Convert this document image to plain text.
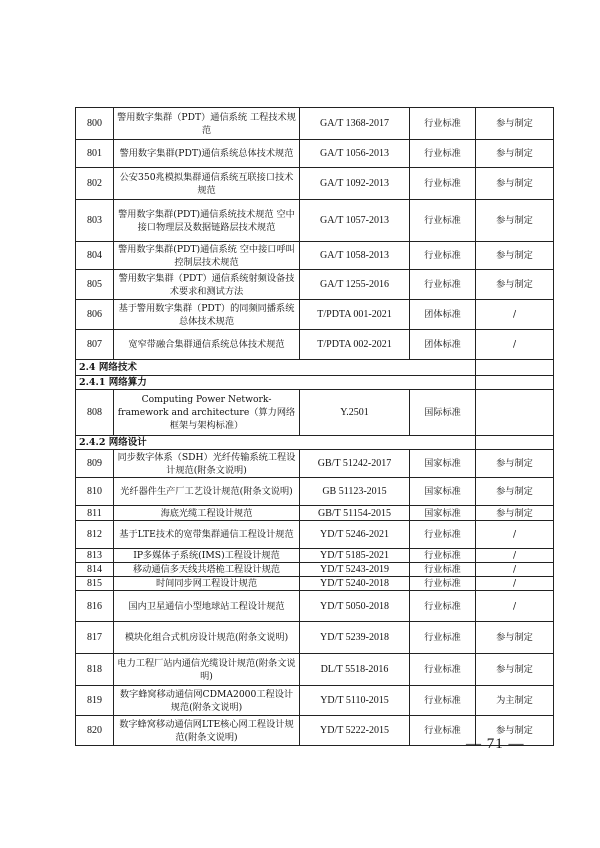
800	警用数字集群（PDT）通信系统 工程技术规范	GA/T 1368-2017	行业标准	参与制定
801	警用数字集群(PDT)通信系统总体技术规范	GA/T 1056-2013	行业标准	参与制定
802	公安350兆模拟集群通信系统互联接口技术规范	GA/T 1092-2013	行业标准	参与制定
803	警用数字集群(PDT)通信系统技术规范 空中接口物理层及数据链路层技术规范	GA/T 1057-2013	行业标准	参与制定
804	警用数字集群(PDT)通信系统 空中接口呼叫控制层技术规范	GA/T 1058-2013	行业标准	参与制定
805	警用数字集群（PDT）通信系统射频设备技术要求和测试方法	GA/T 1255-2016	行业标准	参与制定
806	基于警用数字集群（PDT）的同频同播系统总体技术规范	T/PDTA 001-2021	团体标准	/
807	宽窄带融合集群通信系统总体技术规范	T/PDTA 002-2021	团体标准	/
2.4 网络技术				
2.4.1 网络算力				
808	Computing Power Network- framework and architecture（算力网络框架与架构标准）	Y.2501	国际标准	
2.4.2 网络设计				
809	同步数字体系（SDH）光纤传输系统工程设计规范(附条文说明)	GB/T 51242-2017	国家标准	参与制定
810	光纤器件生产厂工艺设计规范(附条文说明)	GB 51123-2015	国家标准	参与制定
811	海底光缆工程设计规范	GB/T 51154-2015	国家标准	参与制定
812	基于LTE技术的宽带集群通信工程设计规范	YD/T 5246-2021	行业标准	/
813	IP多媒体子系统(IMS)工程设计规范	YD/T 5185-2021	行业标准	/
814	移动通信多天线共塔桅工程设计规范	YD/T 5243-2019	行业标准	/
815	时间同步网工程设计规范	YD/T 5240-2018	行业标准	/
816	国内卫星通信小型地球站工程设计规范	YD/T 5050-2018	行业标准	/
817	模块化组合式机房设计规范(附条文说明)	YD/T 5239-2018	行业标准	参与制定
818	电力工程厂站内通信光缆设计规范(附条文说明)	DL/T 5518-2016	行业标准	参与制定
819	数字蜂窝移动通信网CDMA2000工程设计规范(附条文说明)	YD/T 5110-2015	行业标准	为主制定
820	数字蜂窝移动通信网LTE核心网工程设计规范(附条文说明)	YD/T 5222-2015	行业标准	参与制定
— 71 —
